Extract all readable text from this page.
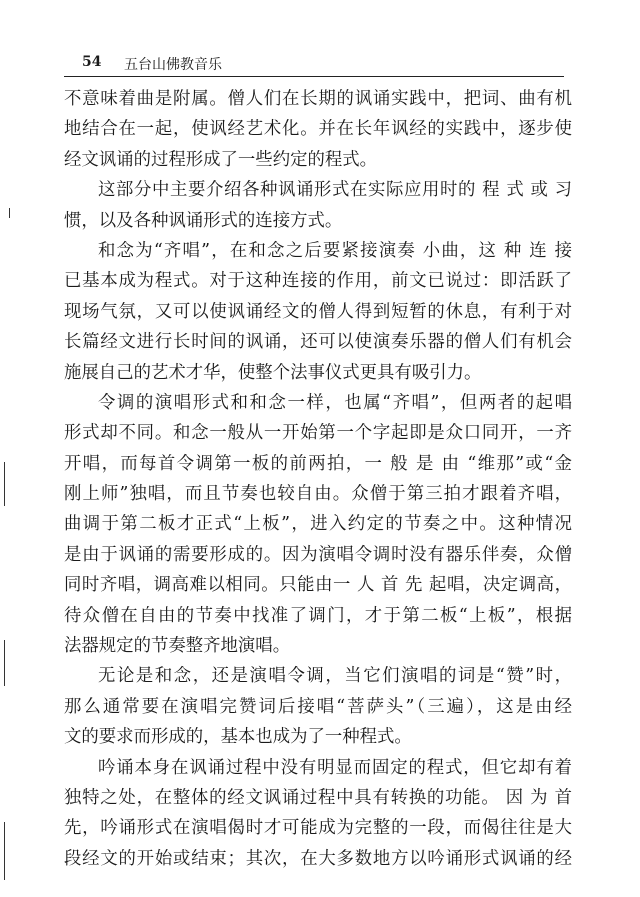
54 五台山佛教音乐
不意味着曲是附属。僧人们在长期的讽诵实践中，把词、曲有机
地结合在一起，使讽经艺术化。并在长年讽经的实践中，逐步使
经文讽诵的过程形成了一些约定的程式。
这部分中主要介绍各种讽诵形式在实际应用时的 程 式 或 习
惯，以及各种讽诵形式的连接方式。
和念为“齐唱”，在和念之后要紧接演奏 小曲，这 种 连 接
已基本成为程式。对于这种连接的作用，前文已说过：即活跃了
现场气氛，又可以使讽诵经文的僧人得到短暂的休息，有利于对
长篇经文进行长时间的讽诵，还可以使演奏乐器的僧人们有机会
施展自己的艺术才华，使整个法事仪式更具有吸引力。
令调的演唱形式和和念一样，也属“齐唱”，但两者的起唱
形式却不同。和念一般从一开始第一个字起即是众口同开，一齐
开唱，而每首令调第一板的前两拍，一 般 是 由 “维那”或“金
刚上师”独唱，而且节奏也较自由。众僧于第三拍才跟着齐唱，
曲调于第二板才正式“上板”，进入约定的节奏之中。这种情况
是由于讽诵的需要形成的。因为演唱令调时没有器乐伴奏，众僧
同时齐唱，调高难以相同。只能由一 人 首 先 起唱，决定调高，
待众僧在自由的节奏中找准了调门，才于第二板“上板”，根据
法器规定的节奏整齐地演唱。
无论是和念，还是演唱令调，当它们演唱的词是“赞”时，
那么通常要在演唱完赞词后接唱“菩萨头”（三遍），这是由经
文的要求而形成的，基本也成为了一种程式。
吟诵本身在讽诵过程中没有明显而固定的程式，但它却有着
独特之处，在整体的经文讽诵过程中具有转换的功能。 因 为 首
先，吟诵形式在演唱偈时才可能成为完整的一段，而偈往往是大
段经文的开始或结束；其次，在大多数地方以吟诵形式讽诵的经
